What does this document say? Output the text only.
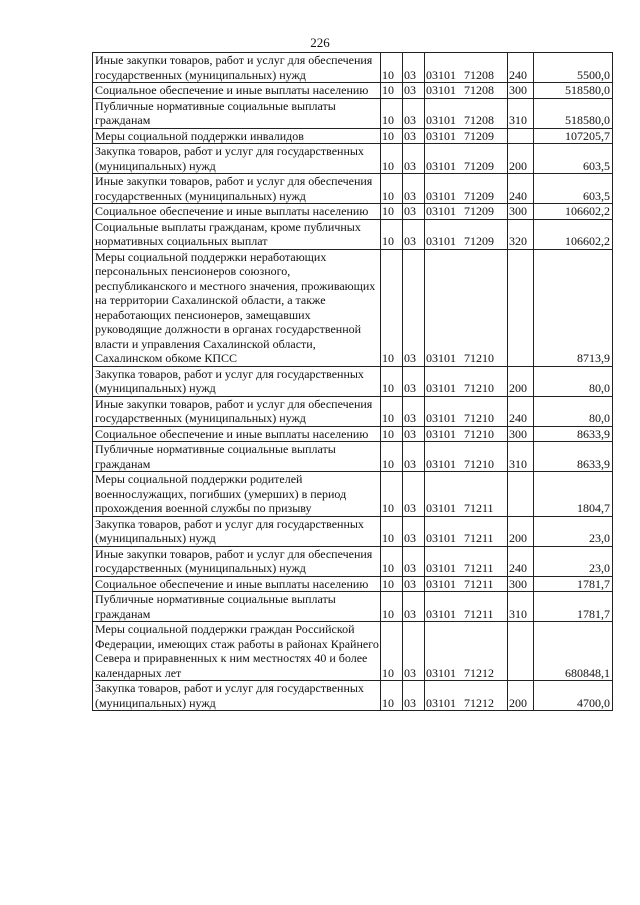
226
Иные закупки товаров, работ и услуг для обеспечения государственных (муниципальных) нужд	10	03	03101 71208	240	5500,0
Социальное обеспечение и иные выплаты населению	10	03	03101 71208	300	518580,0
Публичные нормативные социальные выплаты гражданам	10	03	03101 71208	310	518580,0
Меры социальной поддержки инвалидов	10	03	03101 71209		107205,7
Закупка товаров, работ и услуг для государственных (муниципальных) нужд	10	03	03101 71209	200	603,5
Иные закупки товаров, работ и услуг для обеспечения государственных (муниципальных) нужд	10	03	03101 71209	240	603,5
Социальное обеспечение и иные выплаты населению	10	03	03101 71209	300	106602,2
Социальные выплаты гражданам, кроме публичных нормативных социальных выплат	10	03	03101 71209	320	106602,2
Меры социальной поддержки неработающих персональных пенсионеров союзного, республиканского и местного значения, проживающих на территории Сахалинской области, а также неработающих пенсионеров, замещавших руководящие должности в органах государственной власти и управления Сахалинской области, Сахалинском обкоме КПСС	10	03	03101 71210		8713,9
Закупка товаров, работ и услуг для государственных (муниципальных) нужд	10	03	03101 71210	200	80,0
Иные закупки товаров, работ и услуг для обеспечения государственных (муниципальных) нужд	10	03	03101 71210	240	80,0
Социальное обеспечение и иные выплаты населению	10	03	03101 71210	300	8633,9
Публичные нормативные социальные выплаты гражданам	10	03	03101 71210	310	8633,9
Меры социальной поддержки родителей военнослужащих, погибших (умерших) в период прохождения военной службы по призыву	10	03	03101 71211		1804,7
Закупка товаров, работ и услуг для государственных (муниципальных) нужд	10	03	03101 71211	200	23,0
Иные закупки товаров, работ и услуг для обеспечения государственных (муниципальных) нужд	10	03	03101 71211	240	23,0
Социальное обеспечение и иные выплаты населению	10	03	03101 71211	300	1781,7
Публичные нормативные социальные выплаты гражданам	10	03	03101 71211	310	1781,7
Меры социальной поддержки граждан Российской Федерации, имеющих стаж работы в районах Крайнего Севера и приравненных к ним местностях 40 и более календарных лет	10	03	03101 71212		680848,1
Закупка товаров, работ и услуг для государственных (муниципальных) нужд	10	03	03101 71212	200	4700,0
